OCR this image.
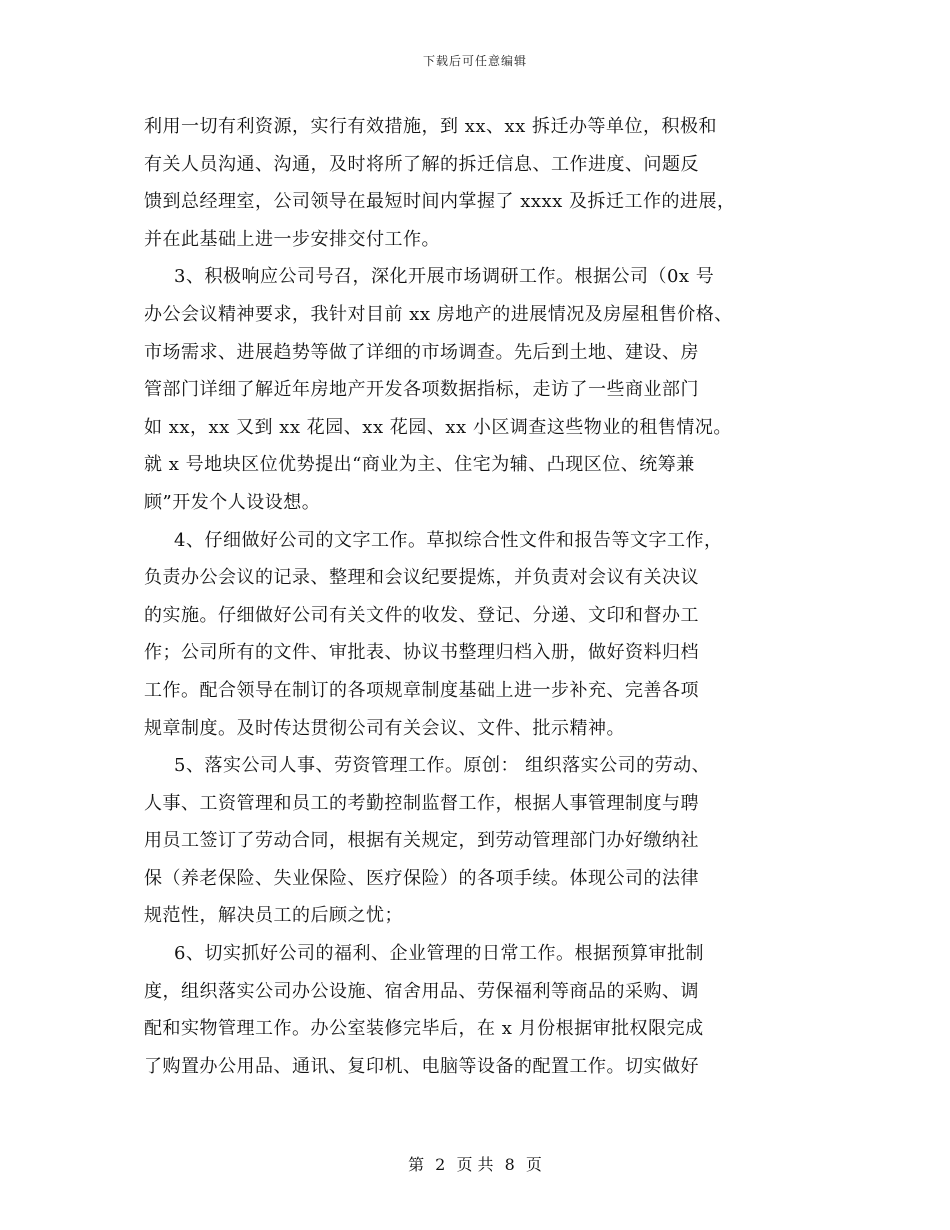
下载后可任意编辑
利用一切有利资源，实行有效措施，到 xx、xx 拆迁办等单位，积极和
有关人员沟通、沟通，及时将所了解的拆迁信息、工作进度、问题反
馈到总经理室，公司领导在最短时间内掌握了 xxxx 及拆迁工作的进展，
并在此基础上进一步安排交付工作。
3、积极响应公司号召，深化开展市场调研工作。根据公司（0x 号
办公会议精神要求，我针对目前 xx 房地产的进展情况及房屋租售价格、
市场需求、进展趋势等做了详细的市场调查。先后到土地、建设、房
管部门详细了解近年房地产开发各项数据指标，走访了一些商业部门
如 xx，xx 又到 xx 花园、xx 花园、xx 小区调查这些物业的租售情况。
就 x 号地块区位优势提出“商业为主、住宅为辅、凸现区位、统筹兼
顾”开发个人设设想。
4、仔细做好公司的文字工作。草拟综合性文件和报告等文字工作，
负责办公会议的记录、整理和会议纪要提炼，并负责对会议有关决议
的实施。仔细做好公司有关文件的收发、登记、分递、文印和督办工
作；公司所有的文件、审批表、协议书整理归档入册，做好资料归档
工作。配合领导在制订的各项规章制度基础上进一步补充、完善各项
规章制度。及时传达贯彻公司有关会议、文件、批示精神。
5、落实公司人事、劳资管理工作。原创： 组织落实公司的劳动、
人事、工资管理和员工的考勤控制监督工作，根据人事管理制度与聘
用员工签订了劳动合同，根据有关规定，到劳动管理部门办好缴纳社
保（养老保险、失业保险、医疗保险）的各项手续。体现公司的法律
规范性，解决员工的后顾之忧；
6、切实抓好公司的福利、企业管理的日常工作。根据预算审批制
度，组织落实公司办公设施、宿舍用品、劳保福利等商品的采购、调
配和实物管理工作。办公室装修完毕后，在 x 月份根据审批权限完成
了购置办公用品、通讯、复印机、电脑等设备的配置工作。切实做好
第 2 页 共 8 页
